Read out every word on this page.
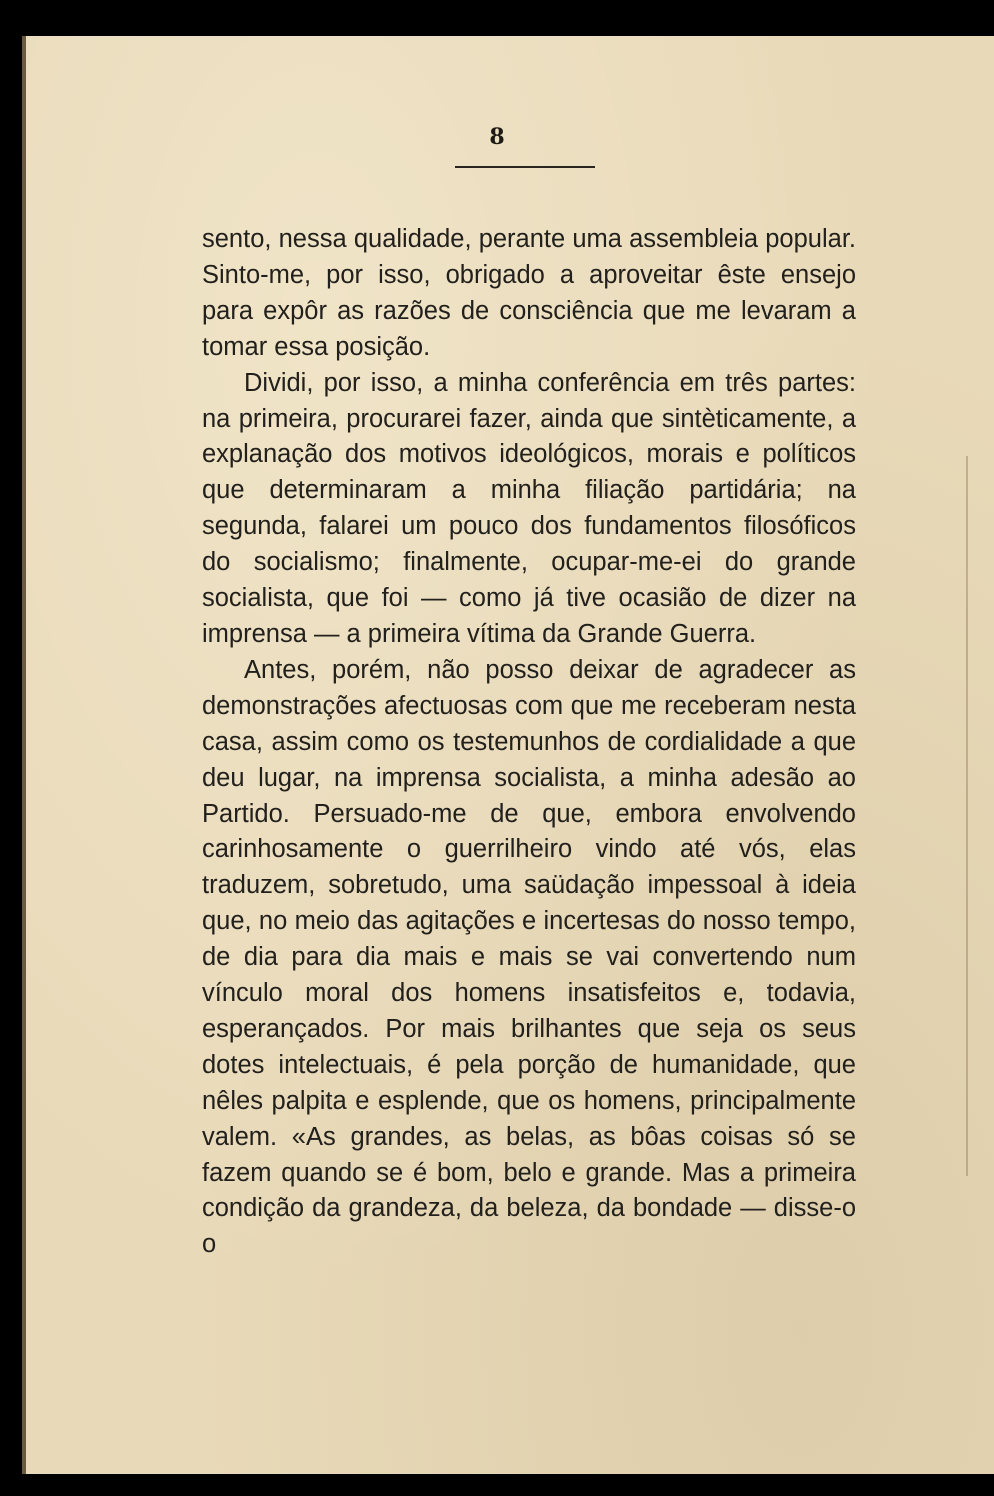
8

sento, nessa qualidade, perante uma assembleia popular. Sinto-me, por isso, obrigado a aproveitar êste ensejo para expôr as razões de consciência que me levaram a tomar essa posição.

Dividi, por isso, a minha conferência em três partes: na primeira, procurarei fazer, ainda que sintèticamente, a explanação dos motivos ideológicos, morais e políticos que determinaram a minha filiação partidária; na segunda, falarei um pouco dos fundamentos filosóficos do socialismo; finalmente, ocupar-me-ei do grande socialista, que foi — como já tive ocasião de dizer na imprensa — a primeira vítima da Grande Guerra.

Antes, porém, não posso deixar de agradecer as demonstrações afectuosas com que me receberam nesta casa, assim como os testemunhos de cordialidade a que deu lugar, na imprensa socialista, a minha adesão ao Partido. Persuado-me de que, embora envolvendo carinhosamente o guerrilheiro vindo até vós, elas traduzem, sobretudo, uma saüdação impessoal à ideia que, no meio das agitações e incertesas do nosso tempo, de dia para dia mais e mais se vai convertendo num vínculo moral dos homens insatisfeitos e, todavia, esperançados. Por mais brilhantes que seja os seus dotes intelectuais, é pela porção de humanidade, que nêles palpita e esplende, que os homens, principalmente valem. «As grandes, as belas, as bôas coisas só se fazem quando se é bom, belo e grande. Mas a primeira condição da grandeza, da beleza, da bondade — disse-o o
